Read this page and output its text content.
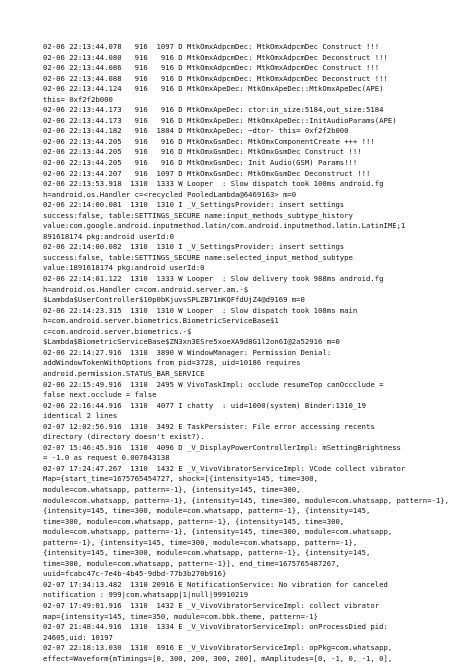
02-06 22:13:44.078   916  1097 D MtkOmxAdpcmDec: MtkOmxAdpcmDec Construct !!!
02-06 22:13:44.080   916   916 D MtkOmxAdpcmDec: MtkOmxAdpcmDec Deconstruct !!!
02-06 22:13:44.086   916   916 D MtkOmxAdpcmDec: MtkOmxAdpcmDec Construct !!!
02-06 22:13:44.088   916   916 D MtkOmxAdpcmDec: MtkOmxAdpcmDec Deconstruct !!!
02-06 22:13:44.124   916   916 D MtkOmxApeDec: MtkOmxApeDec::MtkOmxApeDec(APE)
this= 0xf2f2b000
02-06 22:13:44.173   916   916 D MtkOmxApeDec: ctor:in_size:5184,out_size:5184
02-06 22:13:44.173   916   916 D MtkOmxApeDec: MtkOmxApeDec::InitAudioParams(APE)
02-06 22:13:44.182   916  1804 D MtkOmxApeDec: ~dtor- this= 0xf2f2b000
02-06 22:13:44.205   916   916 D MtkOmxGsmDec: MtkOmxComponentCreate +++ !!!
02-06 22:13:44.205   916   916 D MtkOmxGsmDec: MtkOmxGsmDec Construct !!!
02-06 22:13:44.205   916   916 D MtkOmxGsmDec: Init Audio(GSM) Params!!!
02-06 22:13:44.207   916  1097 D MtkOmxGsmDec: MtkOmxGsmDec Deconstruct !!!
02-06 22:13:53.918  1310  1333 W Looper  : Slow dispatch took 100ms android.fg
h=android.os.Handler c=<recycled PooledLambda@6469163> m=0
02-06 22:14:00.081  1310  1310 I _V_SettingsProvider: insert settings
success:false, table:SETTINGS_SECURE name:input_methods_subtype_history
value:com.google.android.inputmethod.latin/com.android.inputmethod.latin.LatinIME;1
891618174 pkg:android userId:0
02-06 22:14:00.082  1310  1310 I _V_SettingsProvider: insert settings
success:false, table:SETTINGS_SECURE name:selected_input_method_subtype
value:1891618174 pkg:android userId:0
02-06 22:14:01.122  1310  1333 W Looper  : Slow delivery took 988ms android.fg
h=android.os.Handler c=com.android.server.am.-$
$Lambda$UserController$10p0bKjuvsSPLZB71mKQFfdUjZ4@d9169 m=0
02-06 22:14:23.315  1310  1310 W Looper  : Slow dispatch took 108ms main
h=com.android.server.biometrics.BiometricServiceBase$1
c=com.android.server.biometrics.-$
$Lambda$BiometricServiceBase$ZN3xn3ESre5xoeXA9d8G1l2on6I@2a52916 m=0
02-06 22:14:27.916  1310  3890 W WindowManager: Permission Denial:
addWindowTokenWithOptions from pid=3728, uid=10186 requires
android.permission.STATUS_BAR_SERVICE
02-06 22:15:49.916  1310  2495 W VivoTaskImpl: occlude resumeTop canOccclude =
false next.occlude = false
02-06 22:16:44.916  1310  4077 I chatty  : uid=1000(system) Binder:1310_19
identical 2 lines
02-07 12:02:56.916  1310  3492 E TaskPersister: File error accessing recents
directory (directory doesn't exist?).
02-07 15:46:45.916  1310  4096 D _V_DisplayPowerControllerImpl: mSettingBrightness
= -1.0 as request 0.007843138
02-07 17:24:47.267  1310  1432 E _V_VivoVibratorServiceImpl: VCode collect vibrator
Map={start_time=1675765454727, shock=[{intensity=145, time=300,
module=com.whatsapp, pattern=-1}, {intensity=145, time=300,
module=com.whatsapp, pattern=-1}, {intensity=145, time=300, module=com.whatsapp, pattern=-1},
{intensity=145, time=300, module=com.whatsapp, pattern=-1}, {intensity=145,
time=300, module=com.whatsapp, pattern=-1}, {intensity=145, time=300,
module=com.whatsapp, pattern=-1}, {intensity=145, time=300, module=com.whatsapp,
pattern=-1}, {intensity=145, time=300, module=com.whatsapp, pattern=-1},
{intensity=145, time=300, module=com.whatsapp, pattern=-1}, {intensity=145,
time=300, module=com.whatsapp, pattern=-1}], end_time=1675765487267,
uuid=fcabc47c-7e4b-4b45-9dbd-77b3b270b916}
02-07 17:34:13.482  1310 20916 E NotificationService: No vibration for canceled
notification : 999|com.whatsapp|1|null|99910219
02-07 17:49:01.916  1310  1432 E _V_VivoVibratorServiceImpl: collect vibrator
map={intensity=145, time=350, module=com.bbk.theme, pattern=-1}
02-07 21:48:44.916  1310  1334 E _V_VivoVibratorServiceImpl: onProcessDied pid:
24605,uid: 10197
02-07 22:18:13.030  1310  6916 E _V_VivoVibratorServiceImpl: opPkg=com.whatsapp,
effect=Waveform{mTimings=[0, 300, 200, 300, 200], mAmplitudes=[0, -1, 0, -1, 0],
